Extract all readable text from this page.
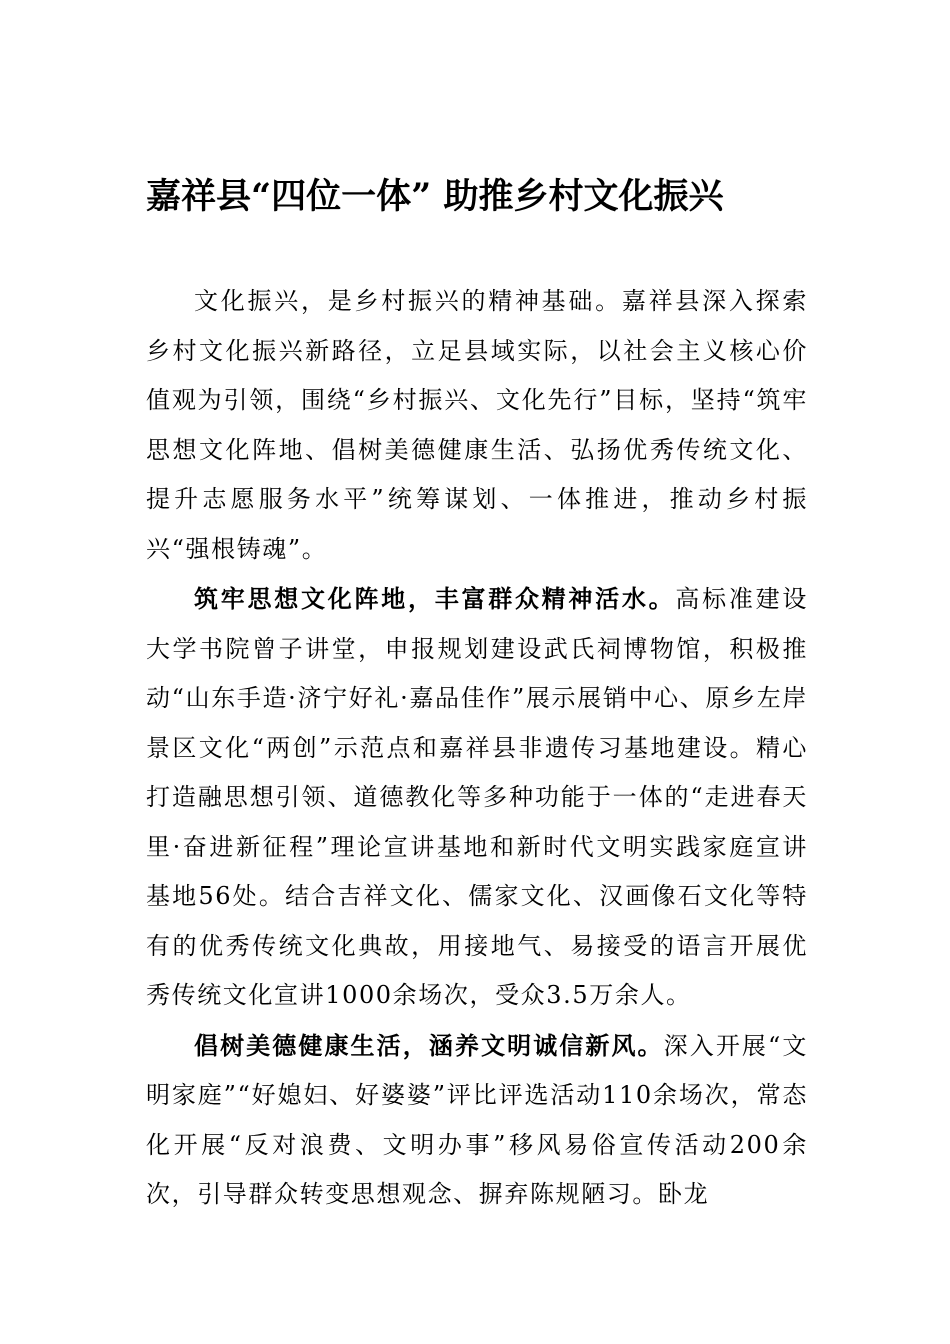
嘉祥县“四位一体” 助推乡村文化振兴

文化振兴，是乡村振兴的精神基础。嘉祥县深入探索乡村文化振兴新路径，立足县域实际，以社会主义核心价值观为引领，围绕“乡村振兴、文化先行”目标，坚持“筑牢思想文化阵地、倡树美德健康生活、弘扬优秀传统文化、提升志愿服务水平”统筹谋划、一体推进，推动乡村振兴“强根铸魂”。

筑牢思想文化阵地，丰富群众精神活水。高标准建设大学书院曾子讲堂，申报规划建设武氏祠博物馆，积极推动“山东手造·济宁好礼·嘉品佳作”展示展销中心、原乡左岸景区文化“两创”示范点和嘉祥县非遗传习基地建设。精心打造融思想引领、道德教化等多种功能于一体的“走进春天里·奋进新征程”理论宣讲基地和新时代文明实践家庭宣讲基地56处。结合吉祥文化、儒家文化、汉画像石文化等特有的优秀传统文化典故，用接地气、易接受的语言开展优秀传统文化宣讲1000余场次，受众3.5万余人。

倡树美德健康生活，涵养文明诚信新风。深入开展“文明家庭”“好媳妇、好婆婆”评比评选活动110余场次，常态化开展“反对浪费、文明办事”移风易俗宣传活动200余次，引导群众转变思想观念、摒弃陈规陋习。卧龙
